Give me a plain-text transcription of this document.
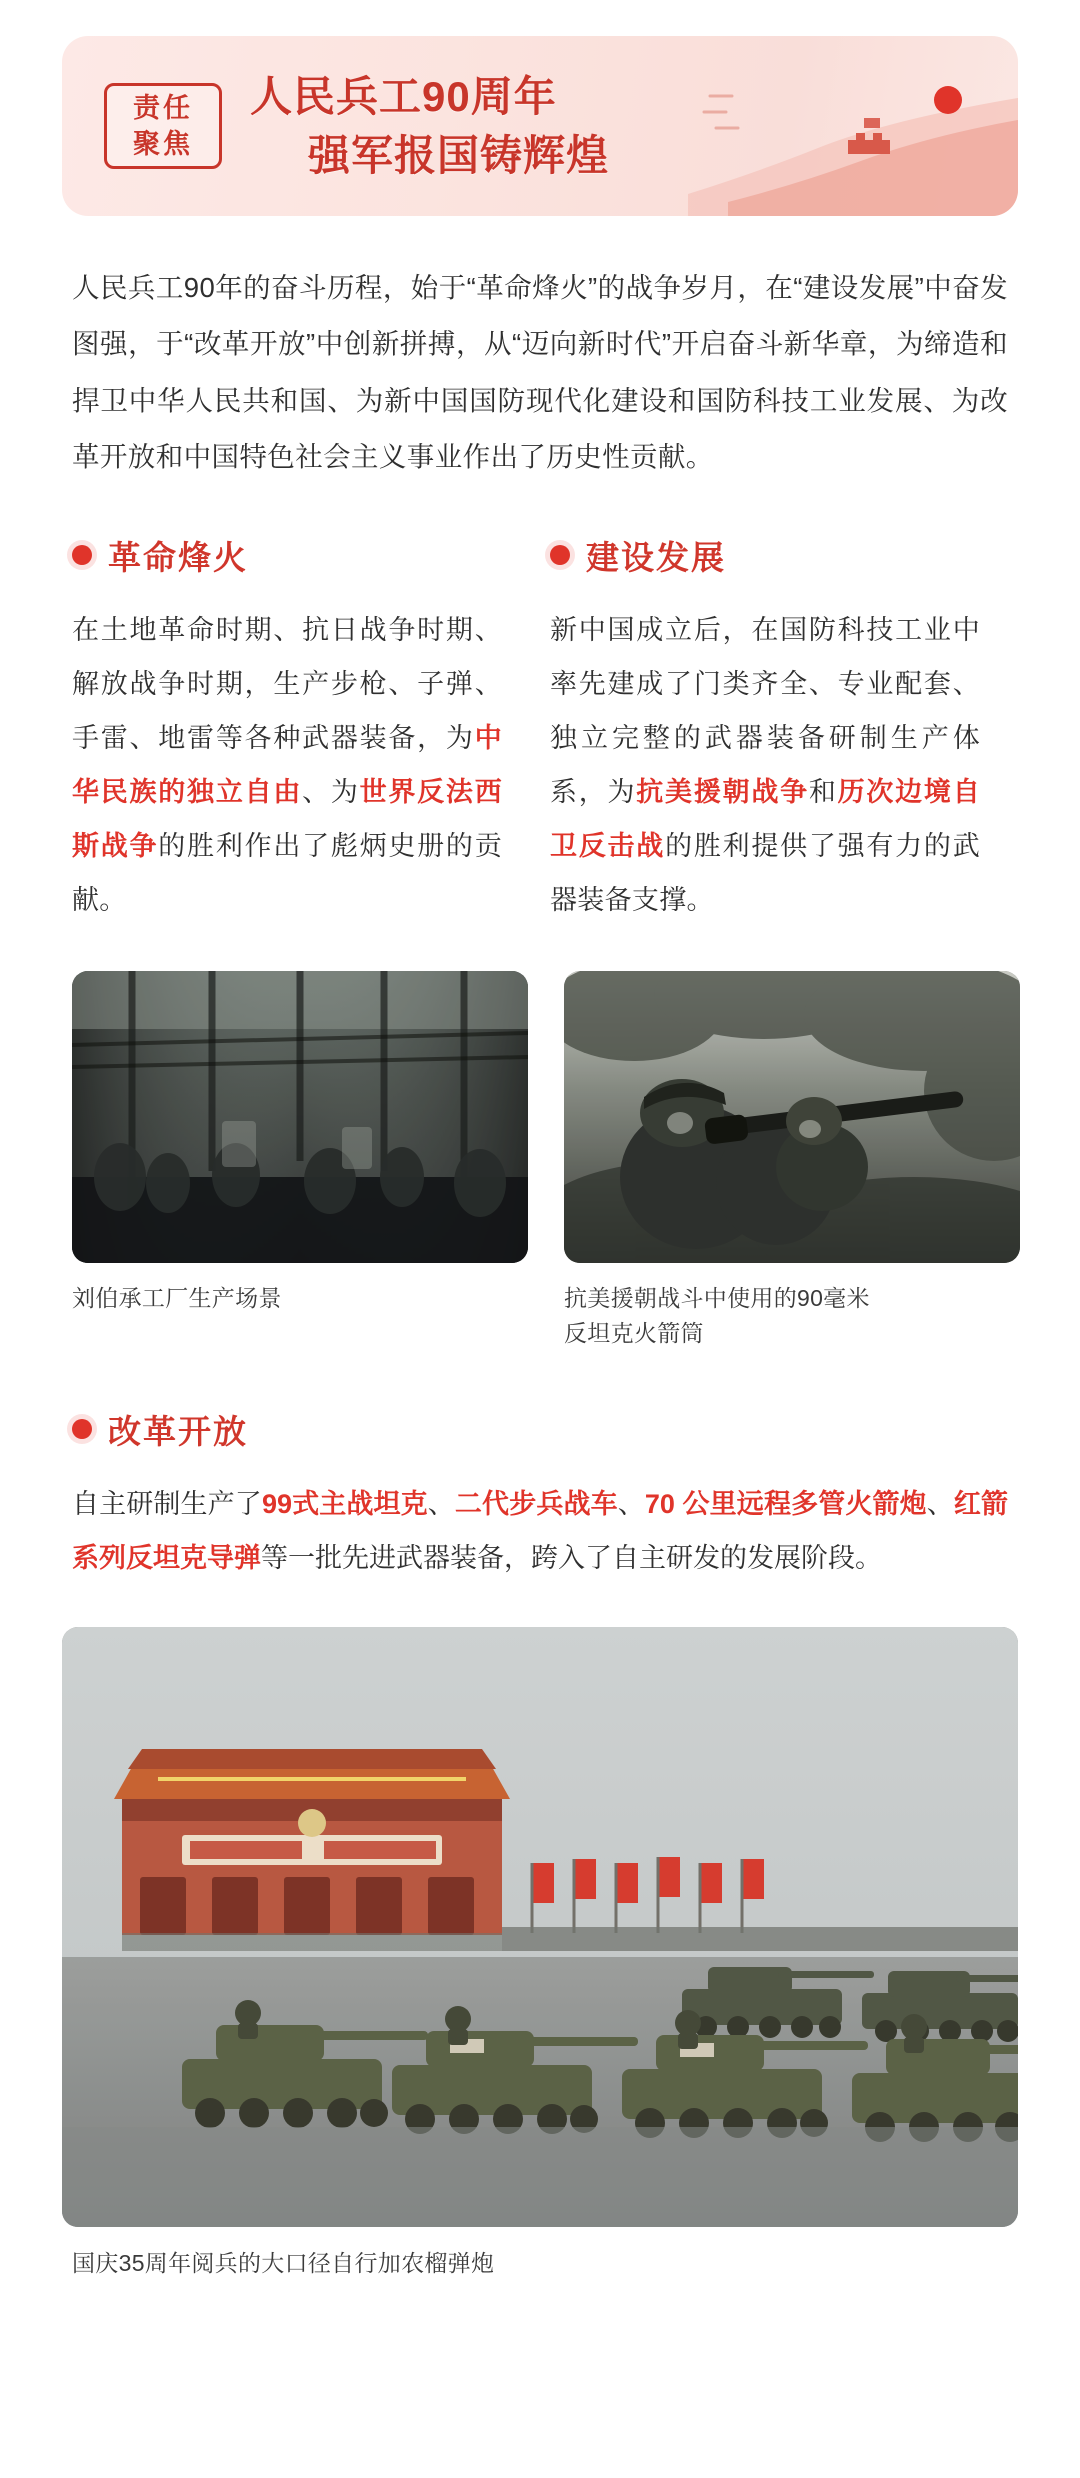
责任
聚焦
人民兵工90周年
强军报国铸辉煌
人民兵工90年的奋斗历程，始于“革命烽火”的战争岁月，在“建设发展”中奋发图强，于“改革开放”中创新拼搏，从“迈向新时代”开启奋斗新华章，为缔造和捍卫中华人民共和国、为新中国国防现代化建设和国防科技工业发展、为改革开放和中国特色社会主义事业作出了历史性贡献。
革命烽火

在土地革命时期、抗日战争时期、解放战争时期，生产步枪、子弹、手雷、地雷等各种武器装备，为中华民族的独立自由、为世界反法西斯战争的胜利作出了彪炳史册的贡献。

建设发展

新中国成立后，在国防科技工业中率先建成了门类齐全、专业配套、独立完整的武器装备研制生产体系，为抗美援朝战争和历次边境自卫反击战的胜利提供了强有力的武器装备支撑。

刘伯承工厂生产场景	抗美援朝战斗中使用的90毫米
反坦克火箭筒
改革开放

自主研制生产了99式主战坦克、二代步兵战车、70 公里远程多管火箭炮、红箭系列反坦克导弹等一批先进武器装备，跨入了自主研发的发展阶段。

国庆35周年阅兵的大口径自行加农榴弹炮
